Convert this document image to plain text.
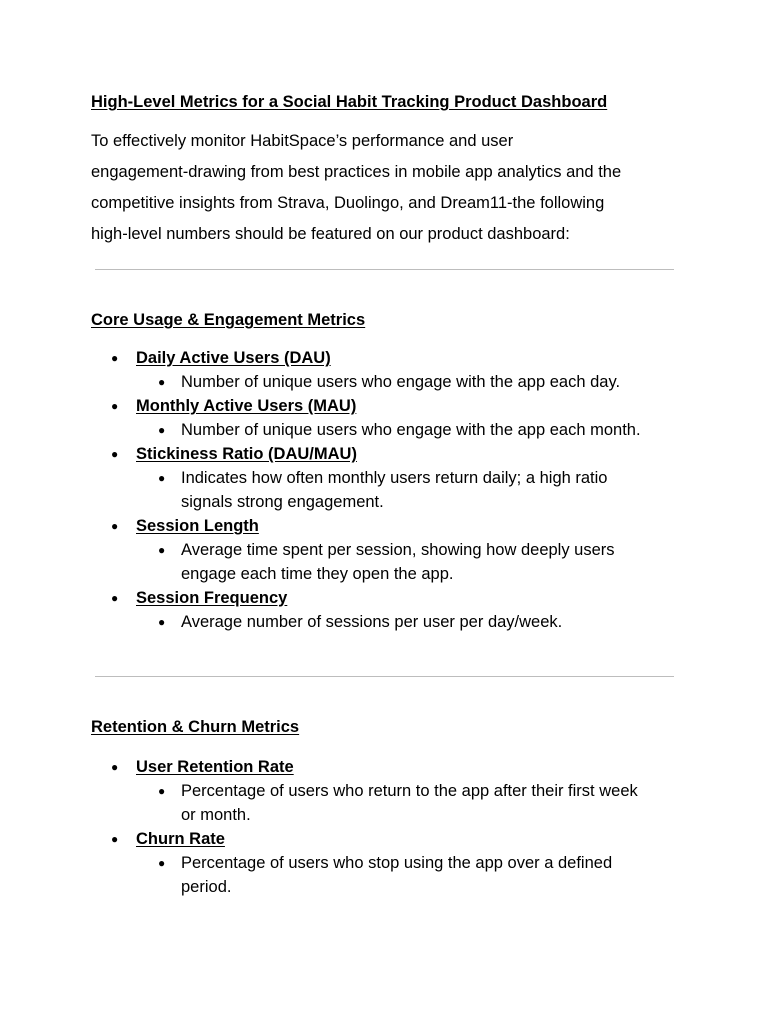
High-Level Metrics for a Social Habit Tracking Product Dashboard
To effectively monitor HabitSpace’s performance and user
engagement-drawing from best practices in mobile app analytics and the
competitive insights from Strava, Duolingo, and Dream11-the following
high-level numbers should be featured on our product dashboard:
Core Usage & Engagement Metrics
● Daily Active Users (DAU)
● Number of unique users who engage with the app each day.
● Monthly Active Users (MAU)
● Number of unique users who engage with the app each month.
● Stickiness Ratio (DAU/MAU)
● Indicates how often monthly users return daily; a high ratio
signals strong engagement.
● Session Length
● Average time spent per session, showing how deeply users
engage each time they open the app.
● Session Frequency
● Average number of sessions per user per day/week.
Retention & Churn Metrics
● User Retention Rate
● Percentage of users who return to the app after their first week
or month.
● Churn Rate
● Percentage of users who stop using the app over a defined
period.
